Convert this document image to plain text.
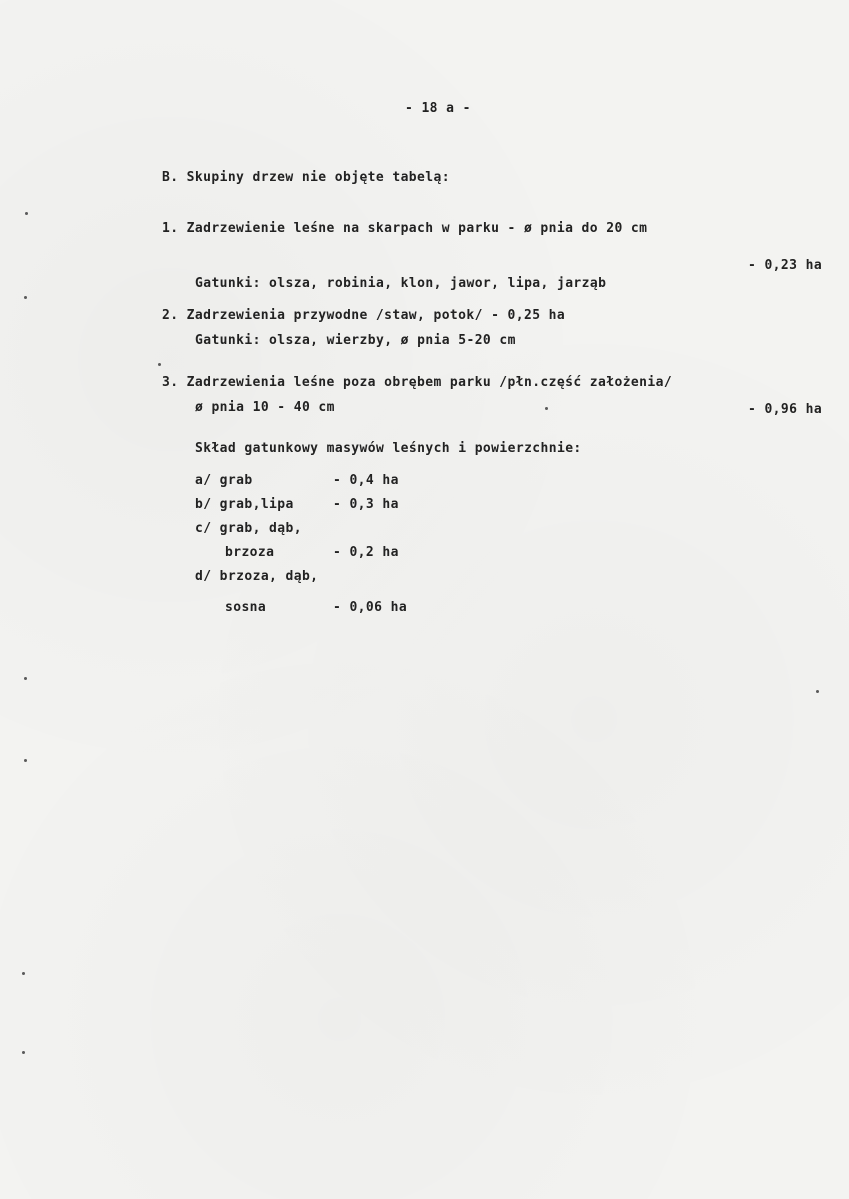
- 18 a -
B. Skupiny drzew nie objęte tabelą:
1. Zadrzewienie leśne na skarpach w parku - ø pnia do 20 cm
- 0,23 ha
Gatunki: olsza, robinia, klon, jawor, lipa, jarząb
2. Zadrzewienia przywodne /staw, potok/ - 0,25 ha
Gatunki: olsza, wierzby, ø pnia 5-20 cm
3. Zadrzewienia leśne poza obrębem parku /płn.część założenia/
ø pnia 10 - 40 cm	- 0,96 ha
Skład gatunkowy masywów leśnych i powierzchnie:
a/ grab	- 0,4 ha
b/ grab,lipa	- 0,3 ha
c/ grab, dąb,
brzoza	- 0,2 ha
d/ brzoza, dąb,
sosna	- 0,06 ha
